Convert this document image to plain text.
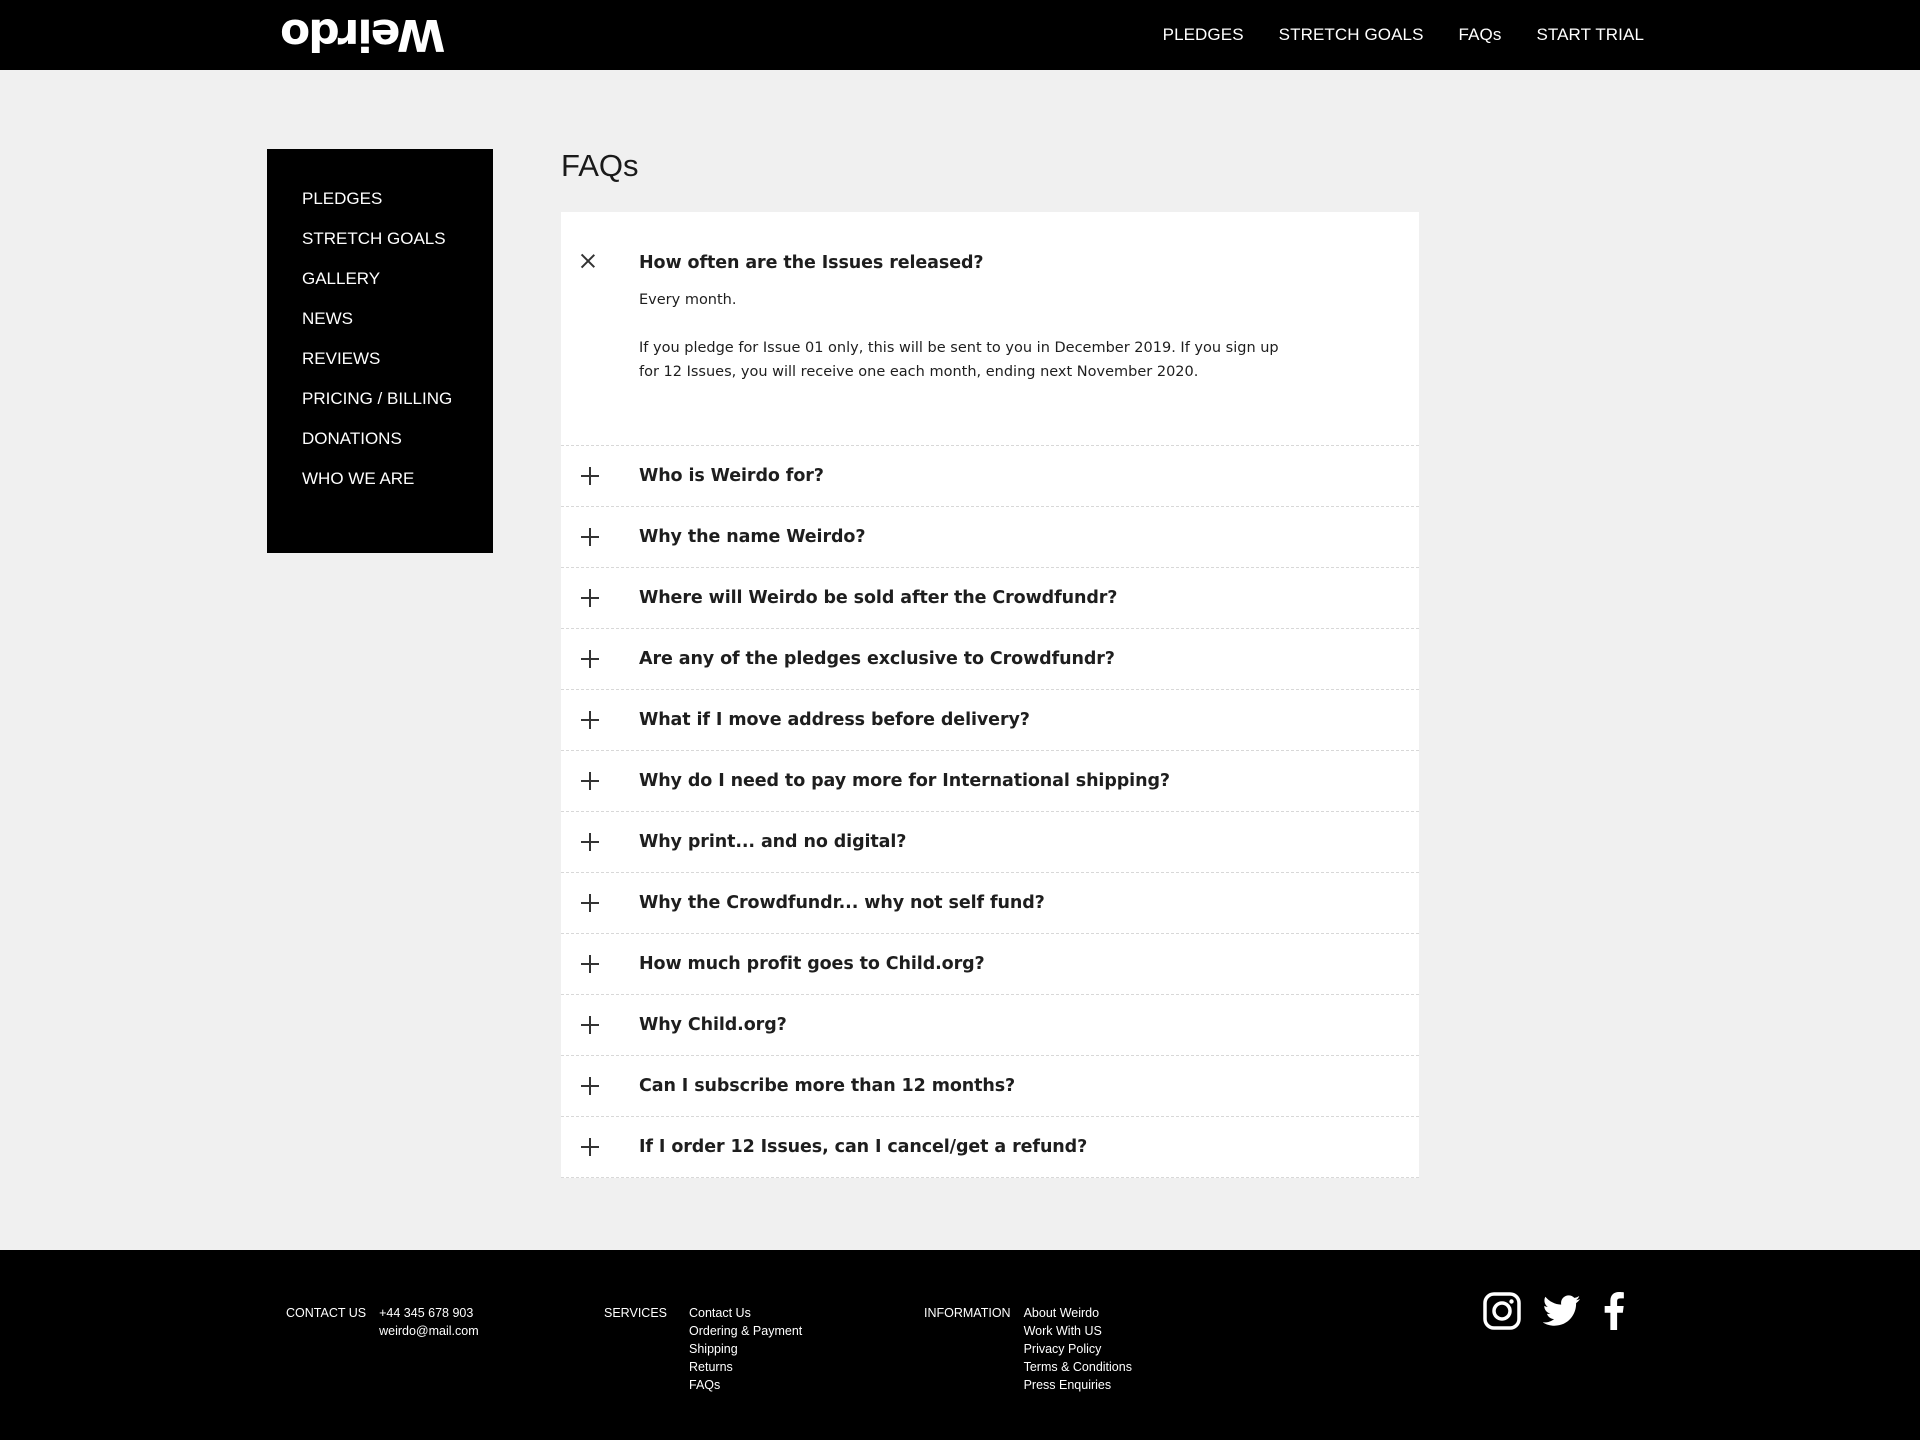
Weirdo	PLEDGES STRETCH GOALS FAQs START TRIAL
PLEDGES
STRETCH GOALS
GALLERY
NEWS
REVIEWS
PRICING / BILLING
DONATIONS
WHO WE ARE
FAQs
How often are the Issues released?

Every month.

If you pledge for Issue 01 only, this will be sent to you in December 2019. If you sign up for 12 Issues, you will receive one each month, ending next November 2020.

Who is Weirdo for?
Why the name Weirdo?
Where will Weirdo be sold after the Crowdfundr?
Are any of the pledges exclusive to Crowdfundr?
What if I move address before delivery?
Why do I need to pay more for International shipping?
Why print... and no digital?
Why the Crowdfundr... why not self fund?
How much profit goes to Child.org?
Why Child.org?
Can I subscribe more than 12 months?
If I order 12 Issues, can I cancel/get a refund?
CONTACT US +44 345 678 903
weirdo@mail.com
SERVICES Contact Us
Ordering & Payment
Shipping
Returns
FAQs
INFORMATION About Weirdo
Work With US
Privacy Policy
Terms & Conditions
Press Enquiries
